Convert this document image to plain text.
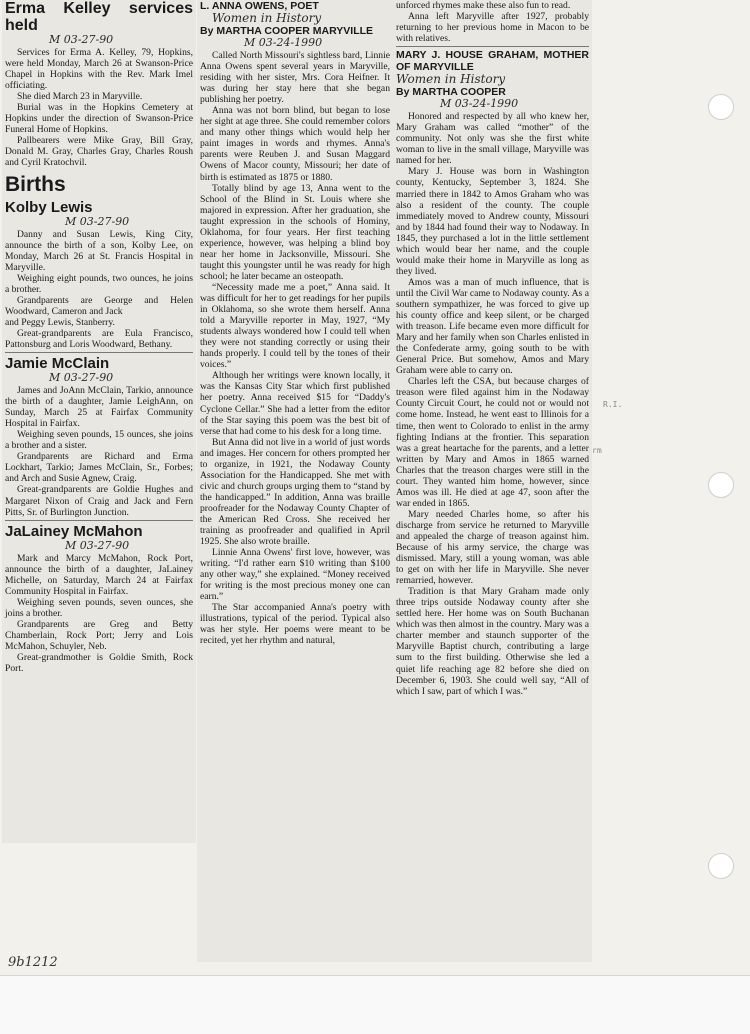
R.I.
rm
Erma Kelley services held
M 03-27-90

Services for Erma A. Kelley, 79, Hopkins, were held Monday, March 26 at Swanson-Price Chapel in Hopkins with the Rev. Mark Imel officiating.

She died March 23 in Maryville.

Burial was in the Hopkins Cemetery at Hopkins under the direction of Swanson-Price Funeral Home of Hopkins.

Pallbearers were Mike Gray, Bill Gray, Donald M. Gray, Charles Gray, Charles Roush and Cyril Kratochvil.

Births
Kolby Lewis
M 03-27-90

Danny and Susan Lewis, King City, announce the birth of a son, Kolby Lee, on Monday, March 26 at St. Francis Hospital in Maryville.

Weighing eight pounds, two ounces, he joins a brother.

Grandparents are George and Helen Woodward, Cameron and Jack

and Peggy Lewis, Stanberry.

Great-grandparents are Eula Francisco, Pattonsburg and Loris Woodward, Bethany.

Jamie McClain
M 03-27-90

James and JoAnn McClain, Tarkio, announce the birth of a daughter, Jamie LeighAnn, on Sunday, March 25 at Fairfax Community Hospital in Fairfax.

Weighing seven pounds, 15 ounces, she joins a brother and a sister.

Grandparents are Richard and Erma Lockhart, Tarkio; James McClain, Sr., Forbes; and Arch and Susie Agnew, Craig.

Great-grandparents are Goldie Hughes and Margaret Nixon of Craig and Jack and Fern Pitts, Sr. of Burlington Junction.

JaLainey McMahon
M 03-27-90

Mark and Marcy McMahon, Rock Port, announce the birth of a daughter, JaLainey Michelle, on Saturday, March 24 at Fairfax Community Hospital in Fairfax.

Weighing seven pounds, seven ounces, she joins a brother.

Grandparents are Greg and Betty Chamberlain, Rock Port; Jerry and Lois McMahon, Schuyler, Neb.

Great-grandmother is Goldie Smith, Rock Port.

L. ANNA OWENS, POET
Women in History
By MARTHA COOPER MARYVILLE
M 03-24-1990

Called North Missouri's sightless bard, Linnie Anna Owens spent several years in Maryville, residing with her sister, Mrs. Cora Heifner. It was during her stay here that she began publishing her poetry.

Anna was not born blind, but began to lose her sight at age three. She could remember colors and many other things which would help her paint images in words and rhymes. Anna's parents were Reuben J. and Susan Maggard Owens of Macor county, Missouri; her date of birth is estimated as 1875 or 1880.

Totally blind by age 13, Anna went to the School of the Blind in St. Louis where she majored in expression. After her graduation, she taught expression in the schools of Hominy, Oklahoma, for four years. Her first teaching experience, however, was helping a blind boy near her home in Jacksonville, Missouri. She taught this youngster until he was ready for high school; he later became an osteopath.

“Necessity made me a poet,” Anna said. It was difficult for her to get readings for her pupils in Oklahoma, so she wrote them herself. Anna told a Maryville reporter in May, 1927, “My students always wondered how I could tell when they were not standing correctly or using their hands properly. I could tell by the tones of their voices.”

Although her writings were known locally, it was the Kansas City Star which first published her poetry. Anna received $15 for “Daddy's Cyclone Cellar.” She had a letter from the editor of the Star saying this poem was the best bit of verse that had come to his desk for a long time.

But Anna did not live in a world of just words and images. Her concern for others prompted her to organize, in 1921, the Nodaway County Association for the Handicapped. She met with civic and church groups urging them to “stand by the handicapped.” In addition, Anna was braille proofreader for the Nodaway County Chapter of the American Red Cross. She received her training as proofreader and qualified in April 1925. She also wrote braille.

Linnie Anna Owens' first love, however, was writing. “I'd rather earn $10 writing than $100 any other way,” she explained. “Money received for writing is the most precious money one can earn.”

The Star accompanied Anna's poetry with illustrations, typical of the period. Typical also was her style. Her poems were meant to be recited, yet her rhythm and natural,

unforced rhymes make these also fun to read.

Anna left Maryville after 1927, probably returning to her previous home in Macon to be with relatives.

MARY J. HOUSE GRAHAM, MOTHER OF MARYVILLE
Women in History
By MARTHA COOPER
M 03-24-1990

Honored and respected by all who knew her, Mary Graham was called “mother” of the community. Not only was she the first white woman to live in the small village, Maryville was named for her.

Mary J. House was born in Washington county, Kentucky, September 3, 1824. She married there in 1842 to Amos Graham who was also a resident of the county. The couple immediately moved to Andrew county, Missouri and by 1844 had found their way to Nodaway. In 1845, they purchased a lot in the little settlement which would bear her name, and the couple would make their home in Maryville as long as they lived.

Amos was a man of much influence, that is until the Civil War came to Nodaway county. As a southern sympathizer, he was forced to give up his county office and keep silent, or be charged with treason. Life became even more difficult for Mary and her family when son Charles enlisted in the Confederate army, going south to be with General Price. But somehow, Amos and Mary Graham were able to carry on.

Charles left the CSA, but because charges of treason were filed against him in the Nodaway County Circuit Court, he could not or would not come home. Instead, he went east to Illinois for a time, then went to Colorado to enlist in the army fighting Indians at the frontier. This separation was a great heartache for the parents, and a letter written by Mary and Amos in 1865 warned Charles that the treason charges were still in the court. They wanted him home, however, since Amos was ill. He died at age 47, soon after the war ended in 1865.

Mary needed Charles home, so after his discharge from service he returned to Maryville and appealed the charge of treason against him. Because of his army service, the charge was dismissed. Mary, still a young woman, was able to get on with her life in Maryville. She never remarried, however.

Tradition is that Mary Graham made only three trips outside Nodaway county after she settled here. Her home was on South Buchanan which was then almost in the country. Mary was a charter member and staunch supporter of the Maryville Baptist church, contributing a large sum to the first building. Otherwise she led a quiet life reaching age 82 before she died on December 6, 1903. She could well say, “All of which I saw, part of which I was.”

9b1212
